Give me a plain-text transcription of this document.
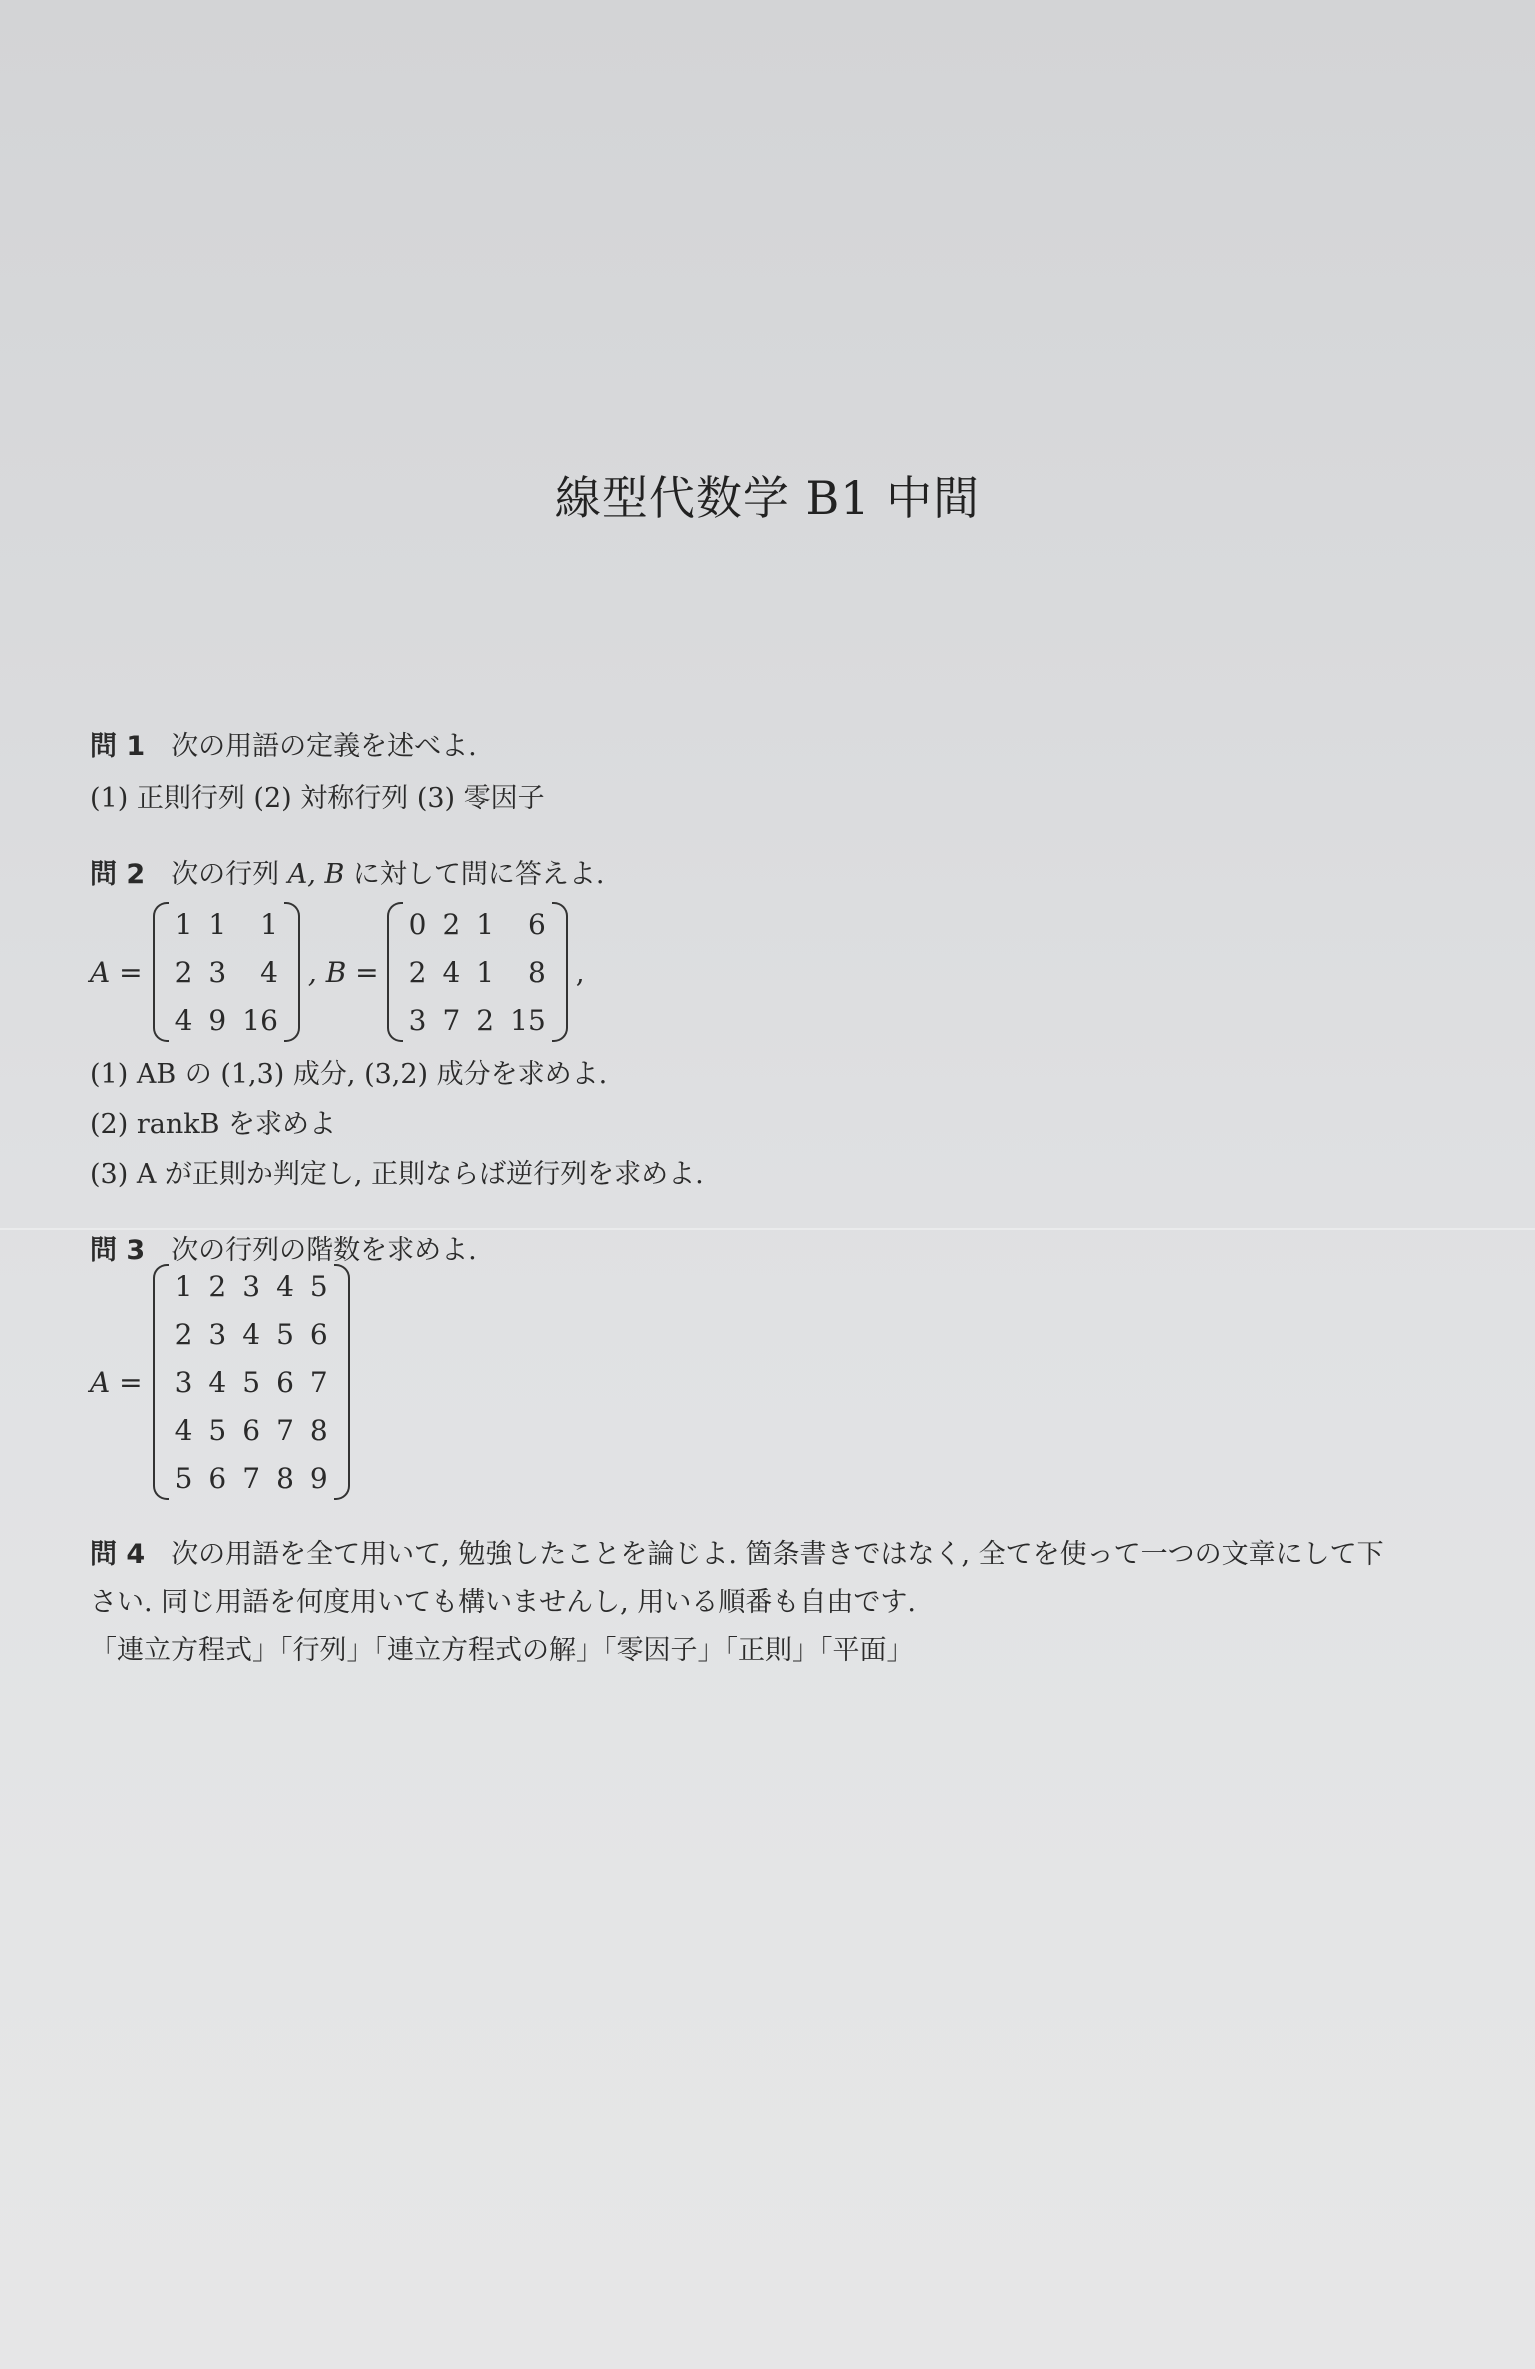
線型代数学 B1 中間
問 1 次の用語の定義を述べよ.
(1) 正則行列 (2) 対称行列 (3) 零因子
問 2 次の行列 A, B に対して問に答えよ.
A =
1	1	1
2	3	4
4	9	16
, B =
0	2	1	6
2	4	1	8
3	7	2	15
,
(1) AB の (1,3) 成分, (3,2) 成分を求めよ.
(2) rankB を求めよ
(3) A が正則か判定し, 正則ならば逆行列を求めよ.
問 3 次の行列の階数を求めよ.
A =
1	2	3	4	5
2	3	4	5	6
3	4	5	6	7
4	5	6	7	8
5	6	7	8	9
問 4 次の用語を全て用いて, 勉強したことを論じよ. 箇条書きではなく, 全てを使って一つの文章にして下
さい. 同じ用語を何度用いても構いませんし, 用いる順番も自由です.
「連立方程式」「行列」「連立方程式の解」「零因子」「正則」「平面」
